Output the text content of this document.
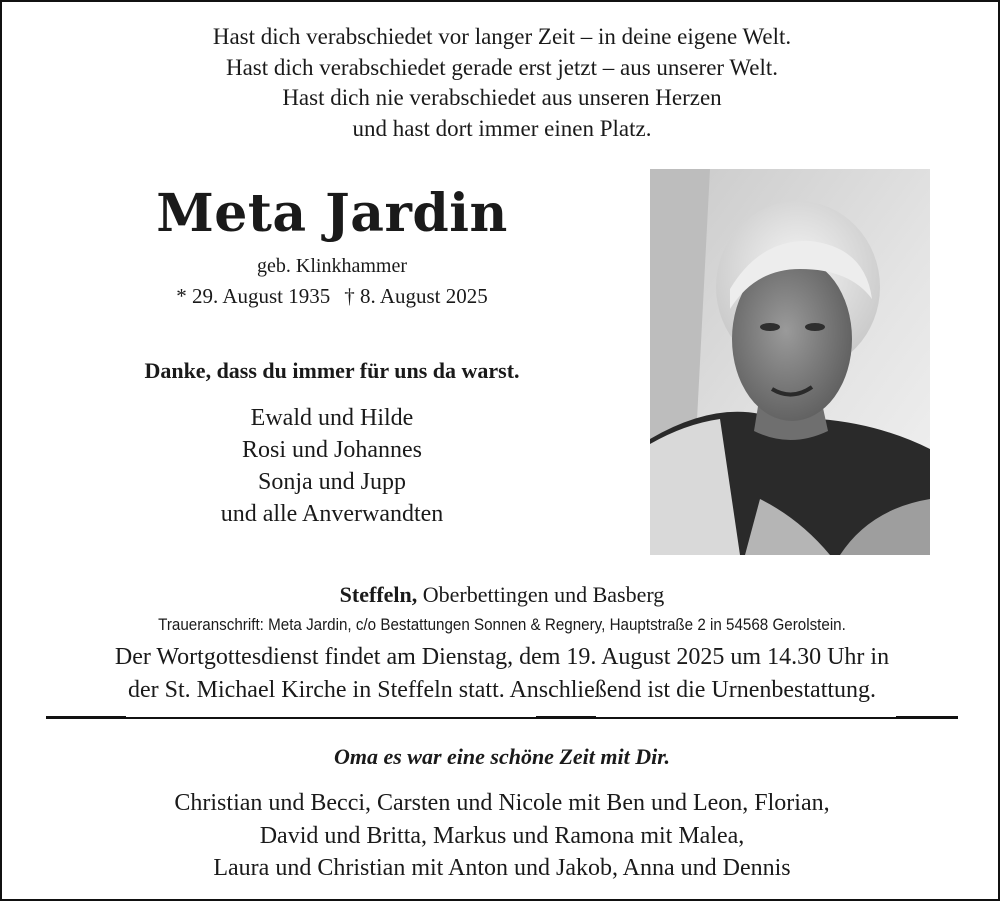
Hast dich verabschiedet vor langer Zeit – in deine eigene Welt.
Hast dich verabschiedet gerade erst jetzt – aus unserer Welt.
Hast dich nie verabschiedet aus unseren Herzen
und hast dort immer einen Platz.
Meta Jardin
geb. Klinkhammer
* 29. August 1935 † 8. August 2025
Danke, dass du immer für uns da warst.
Ewald und Hilde
Rosi und Johannes
Sonja und Jupp
und alle Anverwandten
Steffeln, Oberbettingen und Basberg
Traueranschrift: Meta Jardin, c/o Bestattungen Sonnen & Regnery, Hauptstraße 2 in 54568 Gerolstein.
Der Wortgottesdienst findet am Dienstag, dem 19. August 2025 um 14.30 Uhr in
der St. Michael Kirche in Steffeln statt. Anschließend ist die Urnenbestattung.
Oma es war eine schöne Zeit mit Dir.
Christian und Becci, Carsten und Nicole mit Ben und Leon, Florian,
David und Britta, Markus und Ramona mit Malea,
Laura und Christian mit Anton und Jakob, Anna und Dennis
